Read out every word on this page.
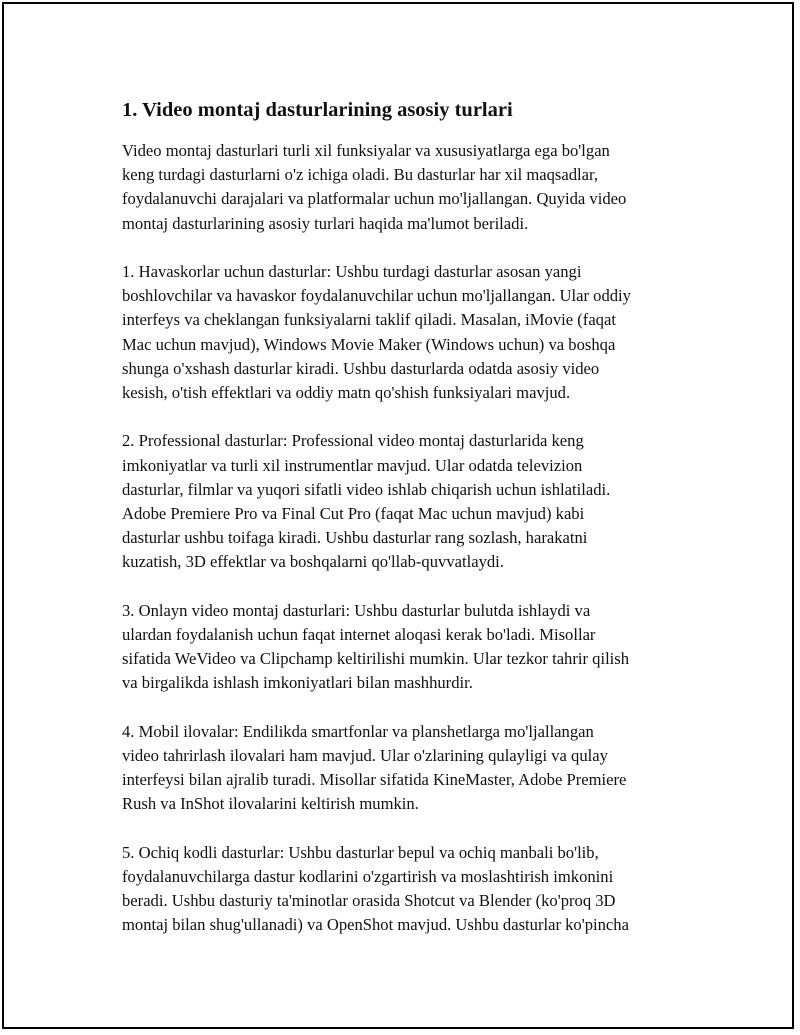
1. Video montaj dasturlarining asosiy turlari

Video montaj dasturlari turli xil funksiyalar va xususiyatlarga ega bo'lgan
keng turdagi dasturlarni o'z ichiga oladi. Bu dasturlar har xil maqsadlar,
foydalanuvchi darajalari va platformalar uchun mo'ljallangan. Quyida video
montaj dasturlarining asosiy turlari haqida ma'lumot beriladi.

1. Havaskorlar uchun dasturlar: Ushbu turdagi dasturlar asosan yangi
boshlovchilar va havaskor foydalanuvchilar uchun mo'ljallangan. Ular oddiy
interfeys va cheklangan funksiyalarni taklif qiladi. Masalan, iMovie (faqat
Mac uchun mavjud), Windows Movie Maker (Windows uchun) va boshqa
shunga o'xshash dasturlar kiradi. Ushbu dasturlarda odatda asosiy video
kesish, o'tish effektlari va oddiy matn qo'shish funksiyalari mavjud.

2. Professional dasturlar: Professional video montaj dasturlarida keng
imkoniyatlar va turli xil instrumentlar mavjud. Ular odatda televizion
dasturlar, filmlar va yuqori sifatli video ishlab chiqarish uchun ishlatiladi.
Adobe Premiere Pro va Final Cut Pro (faqat Mac uchun mavjud) kabi
dasturlar ushbu toifaga kiradi. Ushbu dasturlar rang sozlash, harakatni
kuzatish, 3D effektlar va boshqalarni qo'llab-quvvatlaydi.

3. Onlayn video montaj dasturlari: Ushbu dasturlar bulutda ishlaydi va
ulardan foydalanish uchun faqat internet aloqasi kerak bo'ladi. Misollar
sifatida WeVideo va Clipchamp keltirilishi mumkin. Ular tezkor tahrir qilish
va birgalikda ishlash imkoniyatlari bilan mashhurdir.

4. Mobil ilovalar: Endilikda smartfonlar va planshetlarga mo'ljallangan
video tahrirlash ilovalari ham mavjud. Ular o'zlarining qulayligi va qulay
interfeysi bilan ajralib turadi. Misollar sifatida KineMaster, Adobe Premiere
Rush va InShot ilovalarini keltirish mumkin.

5. Ochiq kodli dasturlar: Ushbu dasturlar bepul va ochiq manbali bo'lib,
foydalanuvchilarga dastur kodlarini o'zgartirish va moslashtirish imkonini
beradi. Ushbu dasturiy ta'minotlar orasida Shotcut va Blender (ko'proq 3D
montaj bilan shug'ullanadi) va OpenShot mavjud. Ushbu dasturlar ko'pincha
